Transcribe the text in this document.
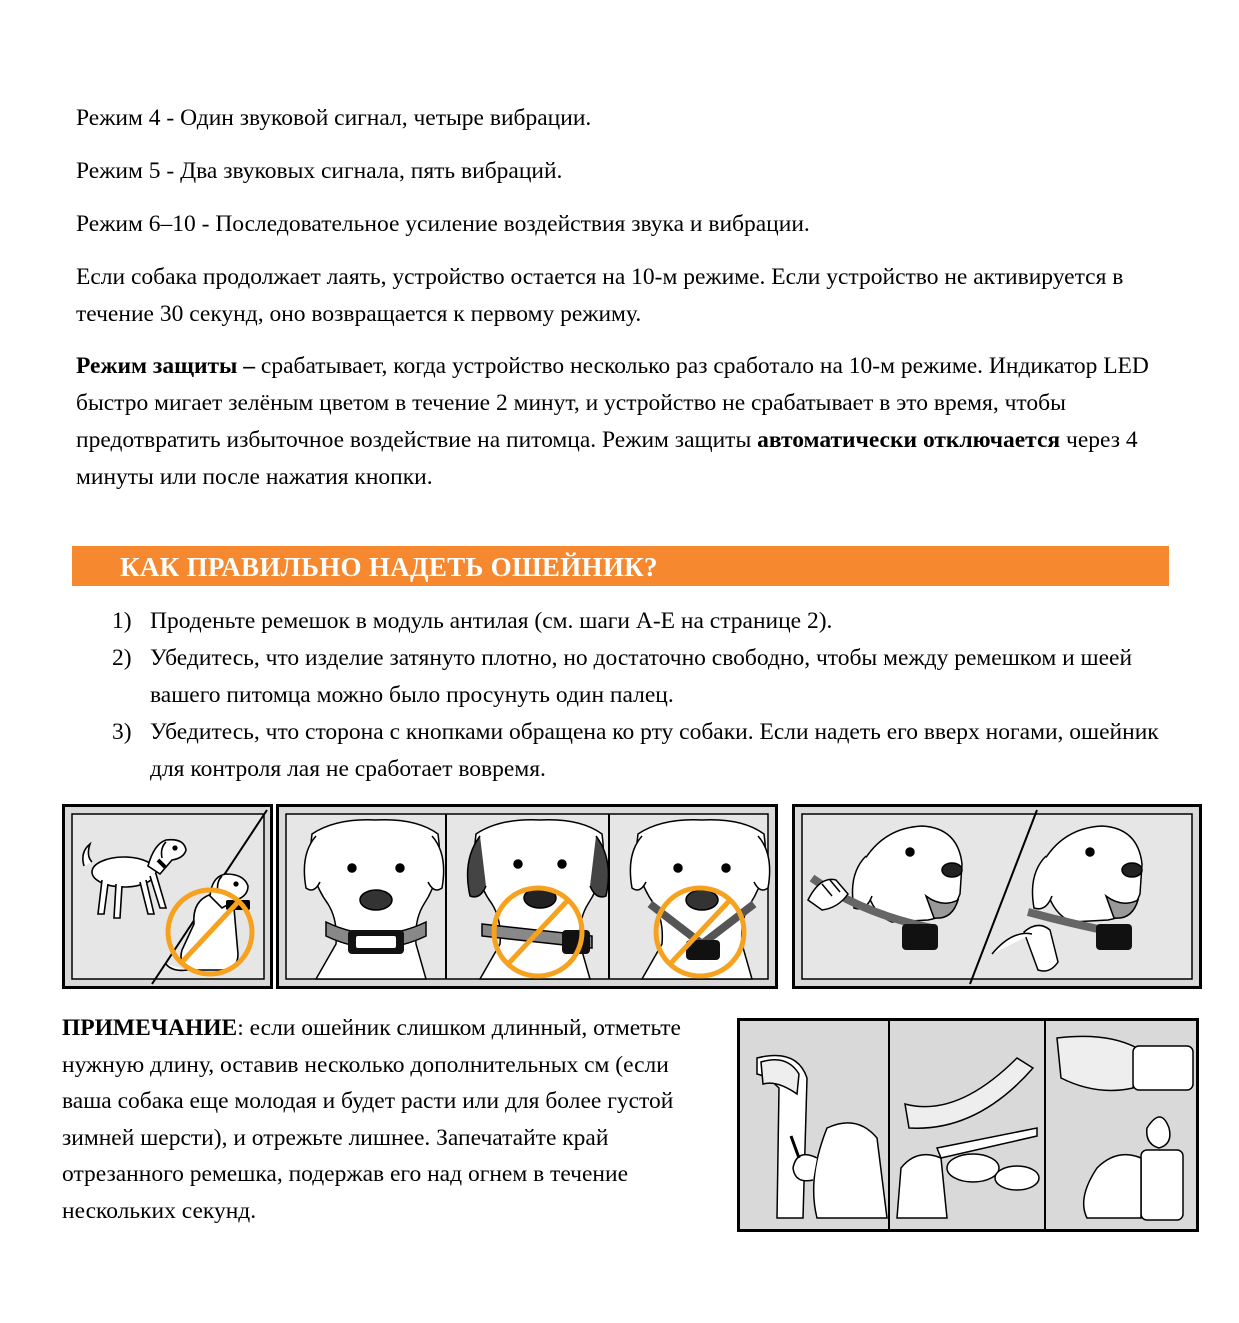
Режим 4 - Один звуковой сигнал, четыре вибрации.

Режим 5 - Два звуковых сигнала, пять вибраций.

Режим 6–10 - Последовательное усиление воздействия звука и вибрации.

Если собака продолжает лаять, устройство остается на 10-м режиме. Если устройство не активируется в течение 30 секунд, оно возвращается к первому режиму.

Режим защиты – срабатывает, когда устройство несколько раз сработало на 10-м режиме. Индикатор LED быстро мигает зелёным цветом в течение 2 минут, и устройство не срабатывает в это время, чтобы предотвратить избыточное воздействие на питомца. Режим защиты автоматически отключается через 4 минуты или после нажатия кнопки.

КАК ПРАВИЛЬНО НАДЕТЬ ОШЕЙНИК?

1) Проденьте ремешок в модуль антилая (см. шаги А-Е на странице 2).
2) Убедитесь, что изделие затянуто плотно, но достаточно свободно, чтобы между ремешком и шеей вашего питомца можно было просунуть один палец.
3) Убедитесь, что сторона с кнопками обращена ко рту собаки. Если надеть его вверх ногами, ошейник для контроля лая не сработает вовремя.

ПРИМЕЧАНИЕ: если ошейник слишком длинный, отметьте нужную длину, оставив несколько дополнительных см (если ваша собака еще молодая и будет расти или для более густой зимней шерсти), и отрежьте лишнее. Запечатайте край отрезанного ремешка, подержав его над огнем в течение нескольких секунд.
